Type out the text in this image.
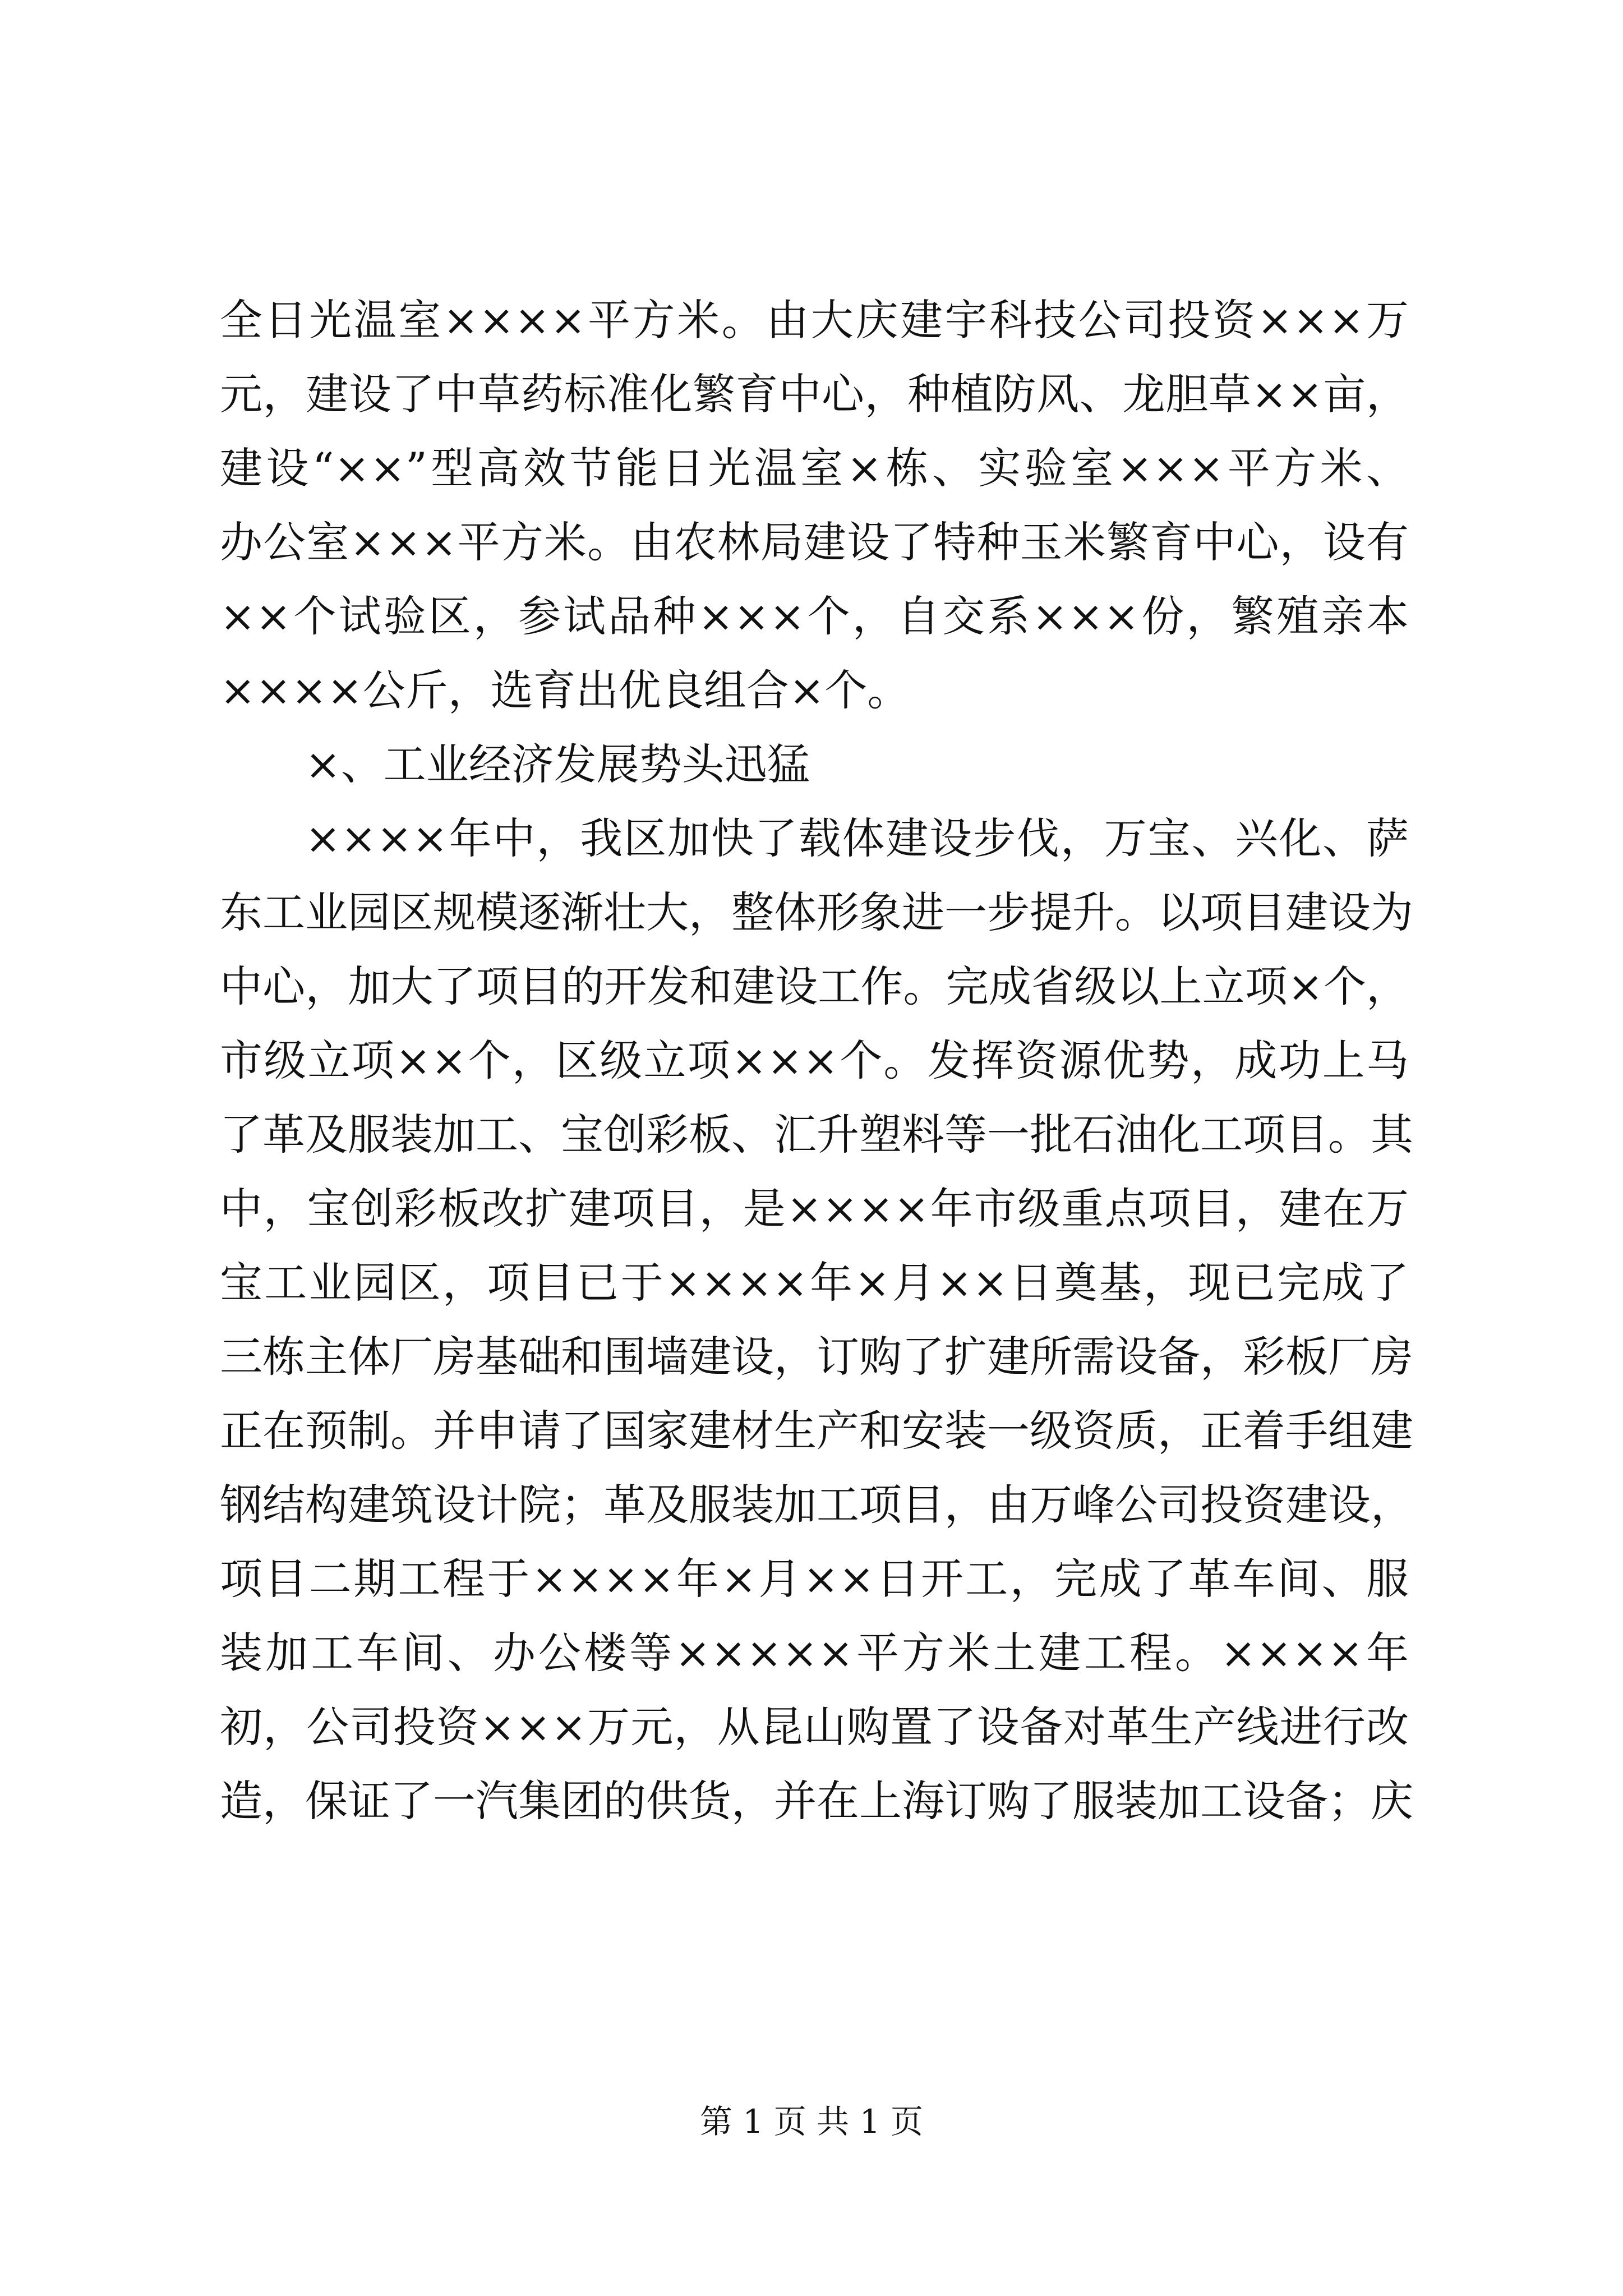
全日光温室××××平方米。由大庆建宇科技公司投资×××万
元，建设了中草药标准化繁育中心，种植防风、龙胆草××亩，
建设“××”型高效节能日光温室×栋、实验室×××平方米、
办公室×××平方米。由农林局建设了特种玉米繁育中心，设有
××个试验区，参试品种×××个，自交系×××份，繁殖亲本
××××公斤，选育出优良组合×个。
×、工业经济发展势头迅猛
××××年中，我区加快了载体建设步伐，万宝、兴化、萨
东工业园区规模逐渐壮大，整体形象进一步提升。以项目建设为
中心，加大了项目的开发和建设工作。完成省级以上立项×个，
市级立项××个，区级立项×××个。发挥资源优势，成功上马
了革及服装加工、宝创彩板、汇升塑料等一批石油化工项目。其
中，宝创彩板改扩建项目，是××××年市级重点项目，建在万
宝工业园区，项目已于××××年×月××日奠基，现已完成了
三栋主体厂房基础和围墙建设，订购了扩建所需设备，彩板厂房
正在预制。并申请了国家建材生产和安装一级资质，正着手组建
钢结构建筑设计院；革及服装加工项目，由万峰公司投资建设，
项目二期工程于××××年×月××日开工，完成了革车间、服
装加工车间、办公楼等×××××平方米土建工程。××××年
初，公司投资×××万元，从昆山购置了设备对革生产线进行改
造，保证了一汽集团的供货，并在上海订购了服装加工设备；庆
第 1 页 共 1 页
